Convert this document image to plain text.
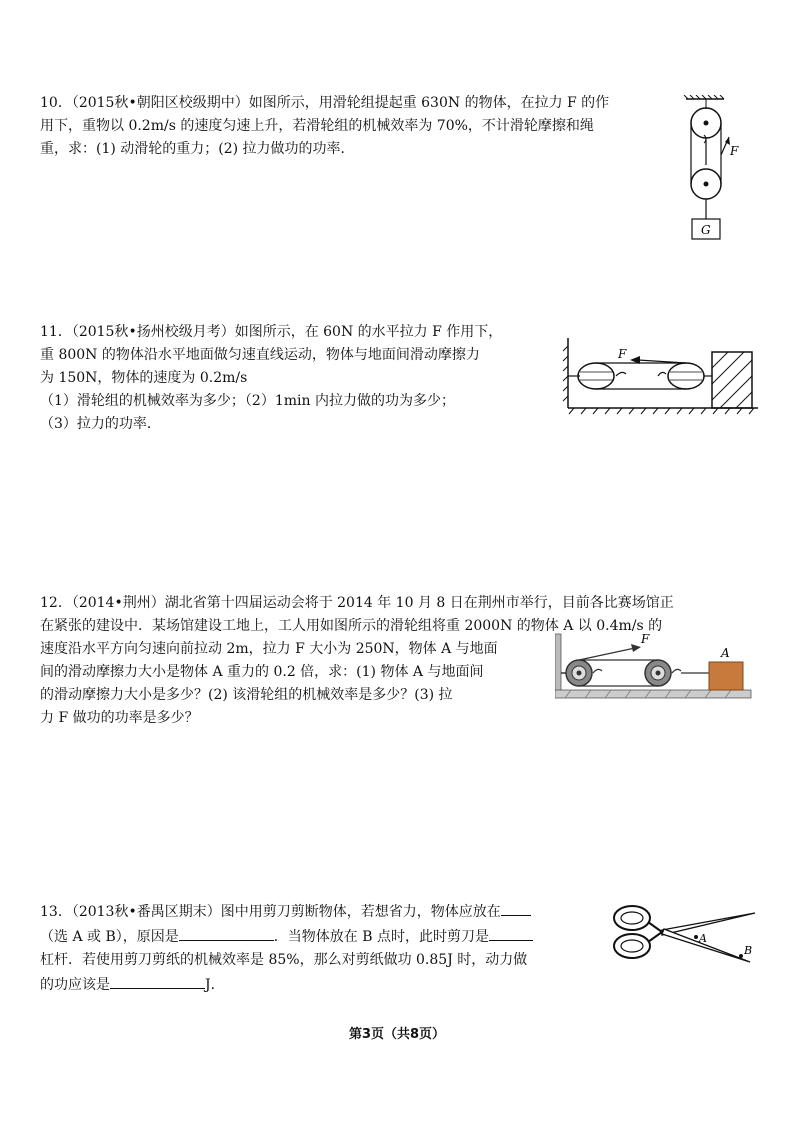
10．（2015秋•朝阳区校级期中）如图所示，用滑轮组提起重 630N 的物体，在拉力 F 的作

用下，重物以 0.2m/s 的速度匀速上升，若滑轮组的机械效率为 70%，不计滑轮摩擦和绳

重，求：(1) 动滑轮的重力；(2) 拉力做功的功率．	F
G

11．（2015秋•扬州校级月考）如图所示，在 60N 的水平拉力 F 作用下，

重 800N 的物体沿水平地面做匀速直线运动，物体与地面间滑动摩擦力

为 150N，物体的速度为 0.2m/s

（1）滑轮组的机械效率为多少；（2）1min 内拉力做的功为多少；

（3）拉力的功率．

F

12．（2014•荆州）湖北省第十四届运动会将于 2014 年 10 月 8 日在荆州市举行，目前各比赛场馆正

在紧张的建设中．某场馆建设工地上，工人用如图所示的滑轮组将重 2000N 的物体 A 以 0.4m/s 的

速度沿水平方向匀速向前拉动 2m，拉力 F 大小为 250N，物体 A 与地面

间的滑动摩擦力大小是物体 A 重力的 0.2 倍，求：(1) 物体 A 与地面间

的滑动摩擦力大小是多少？(2) 该滑轮组的机械效率是多少？(3) 拉

力 F 做功的功率是多少？

F
A

13．（2013秋•番禺区期末）图中用剪刀剪断物体，若想省力，物体应放在

（选 A 或 B），原因是	．当物体放在 B 点时，此时剪刀是

杠杆．若使用剪刀剪纸的机械效率是 85%，那么对剪纸做功 0.85J 时，动力做

的功应该是	J．

A
B
第3页（共8页）
